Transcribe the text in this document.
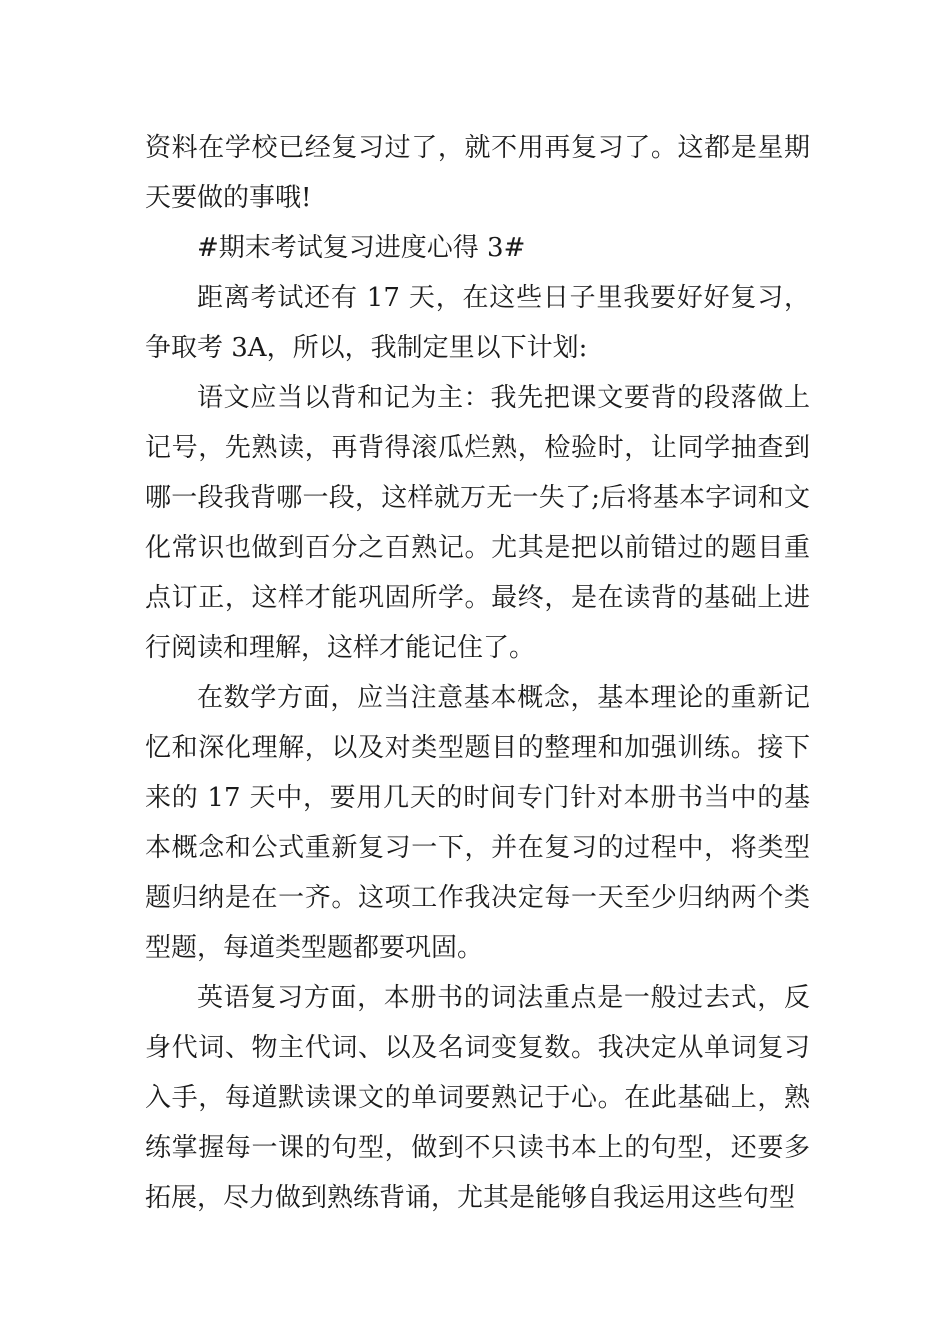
资料在学校已经复习过了，就不用再复习了。这都是星期天要做的事哦!

#期末考试复习进度心得 3#

距离考试还有 17 天，在这些日子里我要好好复习，争取考 3A，所以，我制定里以下计划:

语文应当以背和记为主：我先把课文要背的段落做上记号，先熟读，再背得滚瓜烂熟，检验时，让同学抽查到哪一段我背哪一段，这样就万无一失了;后将基本字词和文化常识也做到百分之百熟记。尤其是把以前错过的题目重点订正，这样才能巩固所学。最终，是在读背的基础上进行阅读和理解，这样才能记住了。

在数学方面，应当注意基本概念，基本理论的重新记忆和深化理解，以及对类型题目的整理和加强训练。接下来的 17 天中，要用几天的时间专门针对本册书当中的基本概念和公式重新复习一下，并在复习的过程中，将类型题归纳是在一齐。这项工作我决定每一天至少归纳两个类型题，每道类型题都要巩固。

英语复习方面，本册书的词法重点是一般过去式，反身代词、物主代词、以及名词变复数。我决定从单词复习入手，每道默读课文的单词要熟记于心。在此基础上，熟练掌握每一课的句型，做到不只读书本上的句型，还要多拓展，尽力做到熟练背诵，尤其是能够自我运用这些句型
